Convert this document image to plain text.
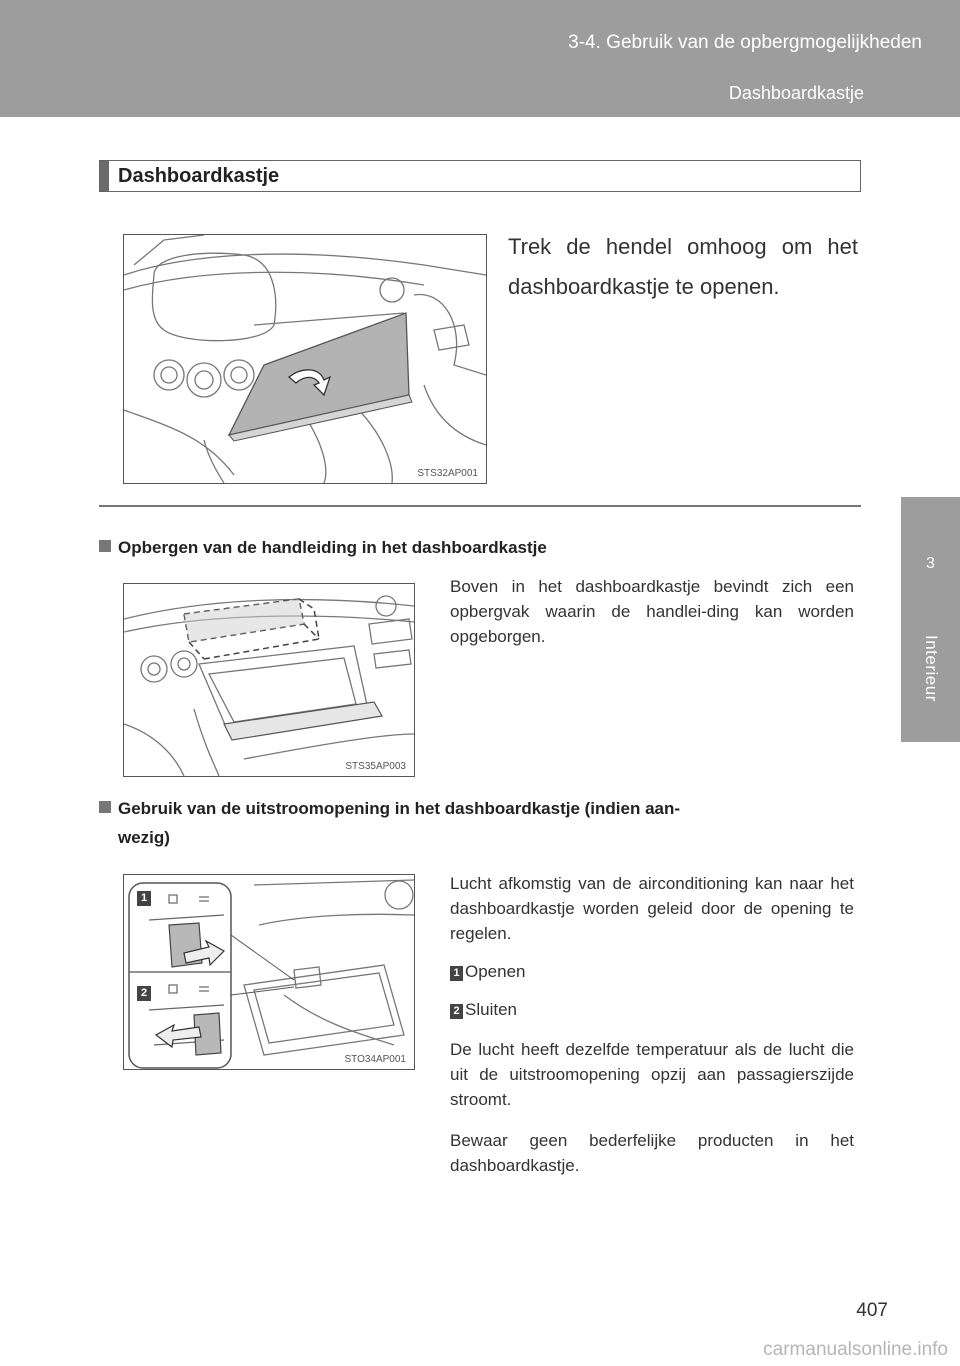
3-4. Gebruik van de opbergmogelijkheden
Dashboardkastje
3
Interieur
Dashboardkastje
STS32AP001
Trek de hendel omhoog om het dashboardkastje te openen.
Opbergen van de handleiding in het dashboardkastje
STS35AP003
Boven in het dashboardkastje bevindt zich een opbergvak waarin de handlei-ding kan worden opgeborgen.
Gebruik van de uitstroomopening in het dashboardkastje (indien aan-
wezig)
1
2
STO34AP001
Lucht afkomstig van de airconditioning kan naar het dashboardkastje worden geleid door de opening te regelen.
1 Openen
2 Sluiten
De lucht heeft dezelfde temperatuur als de lucht die uit de uitstroomopening opzij aan passagierszijde stroomt.
Bewaar geen bederfelijke producten in het dashboardkastje.
407
carmanualsonline.info
